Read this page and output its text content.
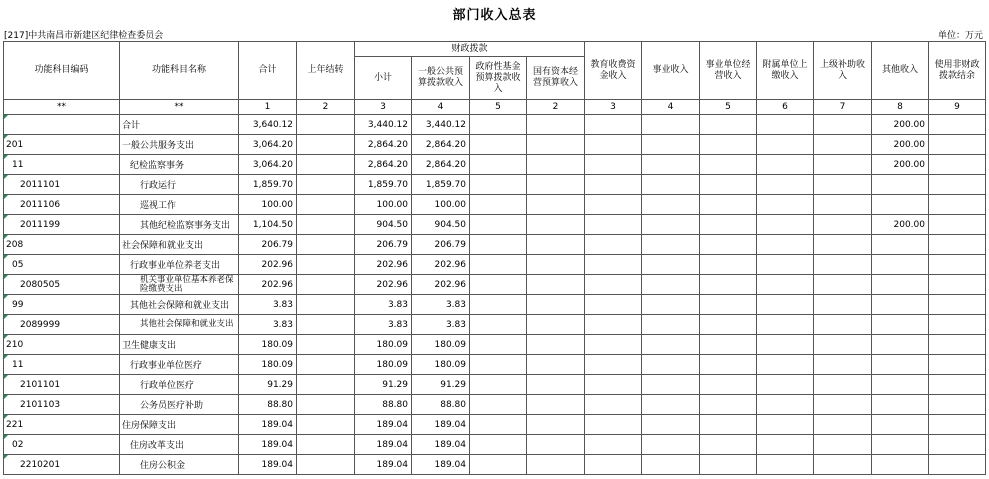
部门收入总表
[217]中共南昌市新建区纪律检查委员会	单位：万元
功能科目编码	功能科目名称	合计	上年结转	财政拨款				教育收费资金收入	事业收入	事业单位经营收入	附属单位上缴收入	上级补助收入	其他收入	使用非财政拨款结余
				小计	一般公共预算拨款收入	政府性基金预算拨款收入	国有资本经营预算收入							
**	**	1	2	3	4	5	2	3	4	5	6	7	8	9

	合计	3,640.12		3,440.12	3,440.12								200.00	
201	一般公共服务支出	3,064.20		2,864.20	2,864.20								200.00	
11	纪检监察事务	3,064.20		2,864.20	2,864.20								200.00	
2011101	行政运行	1,859.70		1,859.70	1,859.70									
2011106	巡视工作	100.00		100.00	100.00									
2011199	其他纪检监察事务支出	1,104.50		904.50	904.50								200.00	
208	社会保障和就业支出	206.79		206.79	206.79									
05	行政事业单位养老支出	202.96		202.96	202.96									
2080505	机关事业单位基本养老保险缴费支出	202.96		202.96	202.96									
99	其他社会保障和就业支出	3.83		3.83	3.83									
2089999	其他社会保障和就业支出	3.83		3.83	3.83									
210	卫生健康支出	180.09		180.09	180.09									
11	行政事业单位医疗	180.09		180.09	180.09									
2101101	行政单位医疗	91.29		91.29	91.29									
2101103	公务员医疗补助	88.80		88.80	88.80									
221	住房保障支出	189.04		189.04	189.04									
02	住房改革支出	189.04		189.04	189.04									
2210201	住房公积金	189.04		189.04	189.04									
